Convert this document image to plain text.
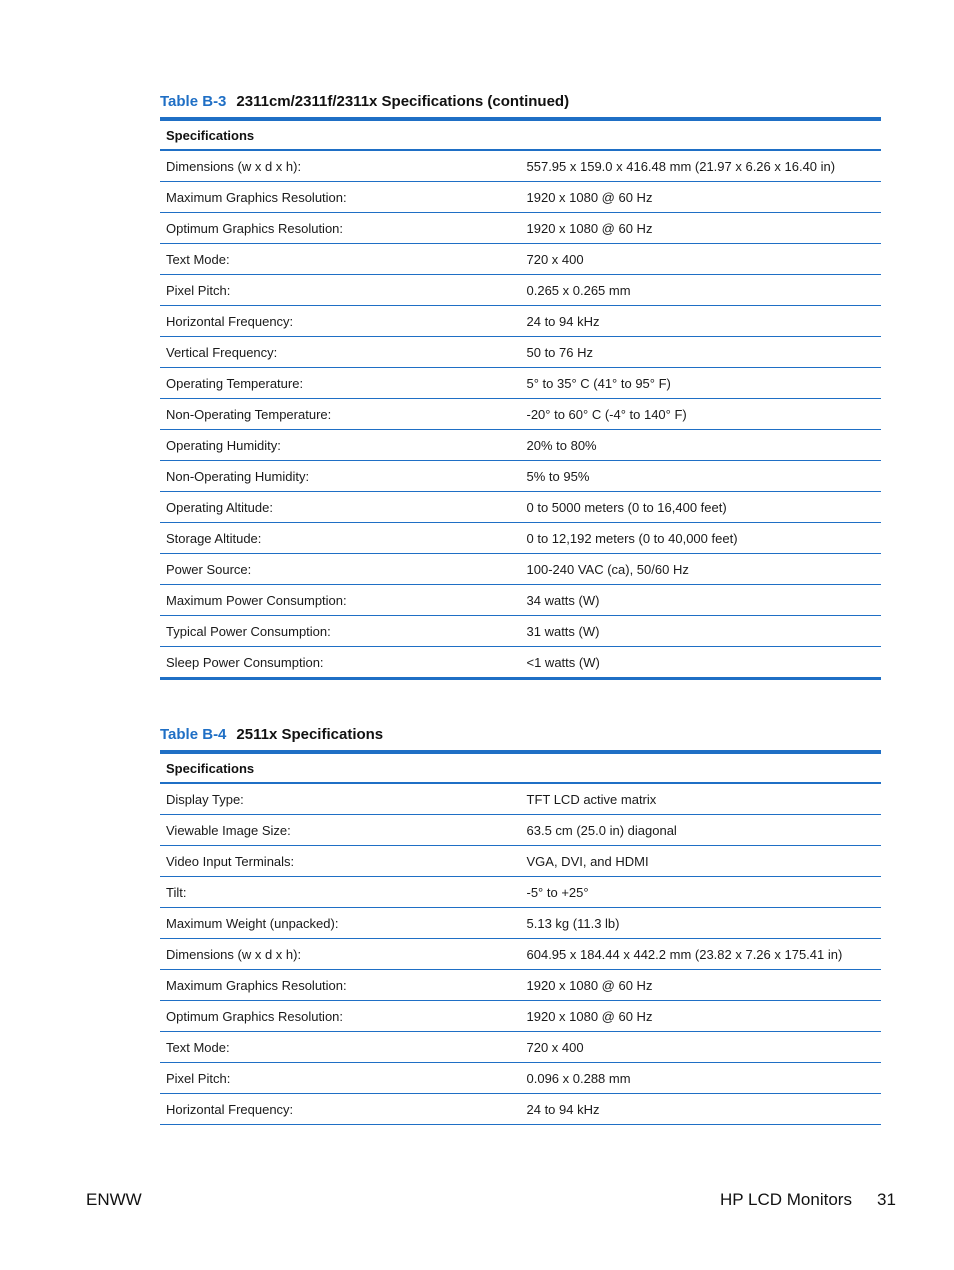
Table B-3 2311cm/2311f/2311x Specifications (continued)
Specifications	
Dimensions (w x d x h):	557.95 x 159.0 x 416.48 mm (21.97 x 6.26 x 16.40 in)
Maximum Graphics Resolution:	1920 x 1080 @ 60 Hz
Optimum Graphics Resolution:	1920 x 1080 @ 60 Hz
Text Mode:	720 x 400
Pixel Pitch:	0.265 x 0.265 mm
Horizontal Frequency:	24 to 94 kHz
Vertical Frequency:	50 to 76 Hz
Operating Temperature:	5° to 35° C (41° to 95° F)
Non-Operating Temperature:	-20° to 60° C (-4° to 140° F)
Operating Humidity:	20% to 80%
Non-Operating Humidity:	5% to 95%
Operating Altitude:	0 to 5000 meters (0 to 16,400 feet)
Storage Altitude:	0 to 12,192 meters (0 to 40,000 feet)
Power Source:	100-240 VAC (ca), 50/60 Hz
Maximum Power Consumption:	34 watts (W)
Typical Power Consumption:	31 watts (W)
Sleep Power Consumption:	<1 watts (W)
Table B-4 2511x Specifications
Specifications	
Display Type:	TFT LCD active matrix
Viewable Image Size:	63.5 cm (25.0 in) diagonal
Video Input Terminals:	VGA, DVI, and HDMI
Tilt:	-5° to +25°
Maximum Weight (unpacked):	5.13 kg (11.3 lb)
Dimensions (w x d x h):	604.95 x 184.44 x 442.2 mm (23.82 x 7.26 x 175.41 in)
Maximum Graphics Resolution:	1920 x 1080 @ 60 Hz
Optimum Graphics Resolution:	1920 x 1080 @ 60 Hz
Text Mode:	720 x 400
Pixel Pitch:	0.096 x 0.288 mm
Horizontal Frequency:	24 to 94 kHz
ENWW	HP LCD Monitors 31
